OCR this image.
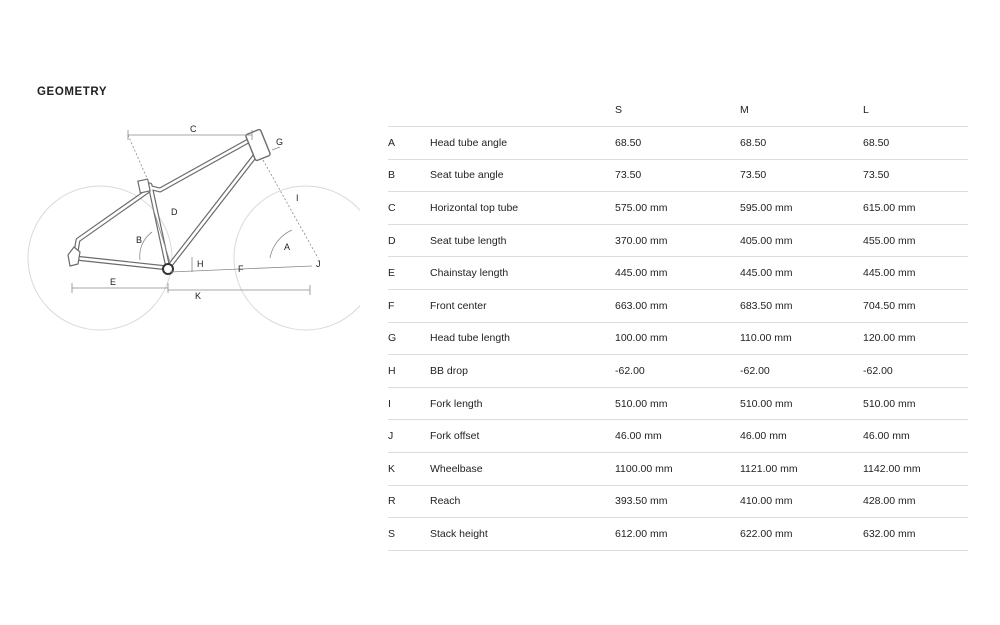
GEOMETRY
C
G
D
B
H	F
E
K
I
A
J
S	M	L
A	Head tube angle	68.50	68.50	68.50
B	Seat tube angle	73.50	73.50	73.50
C	Horizontal top tube	575.00 mm	595.00 mm	615.00 mm
D	Seat tube length	370.00 mm	405.00 mm	455.00 mm
E	Chainstay length	445.00 mm	445.00 mm	445.00 mm
F	Front center	663.00 mm	683.50 mm	704.50 mm
G	Head tube length	100.00 mm	110.00 mm	120.00 mm
H	BB drop	-62.00	-62.00	-62.00
I	Fork length	510.00 mm	510.00 mm	510.00 mm
J	Fork offset	46.00 mm	46.00 mm	46.00 mm
K	Wheelbase	1100.00 mm	1121.00 mm	1142.00 mm
R	Reach	393.50 mm	410.00 mm	428.00 mm
S	Stack height	612.00 mm	622.00 mm	632.00 mm
